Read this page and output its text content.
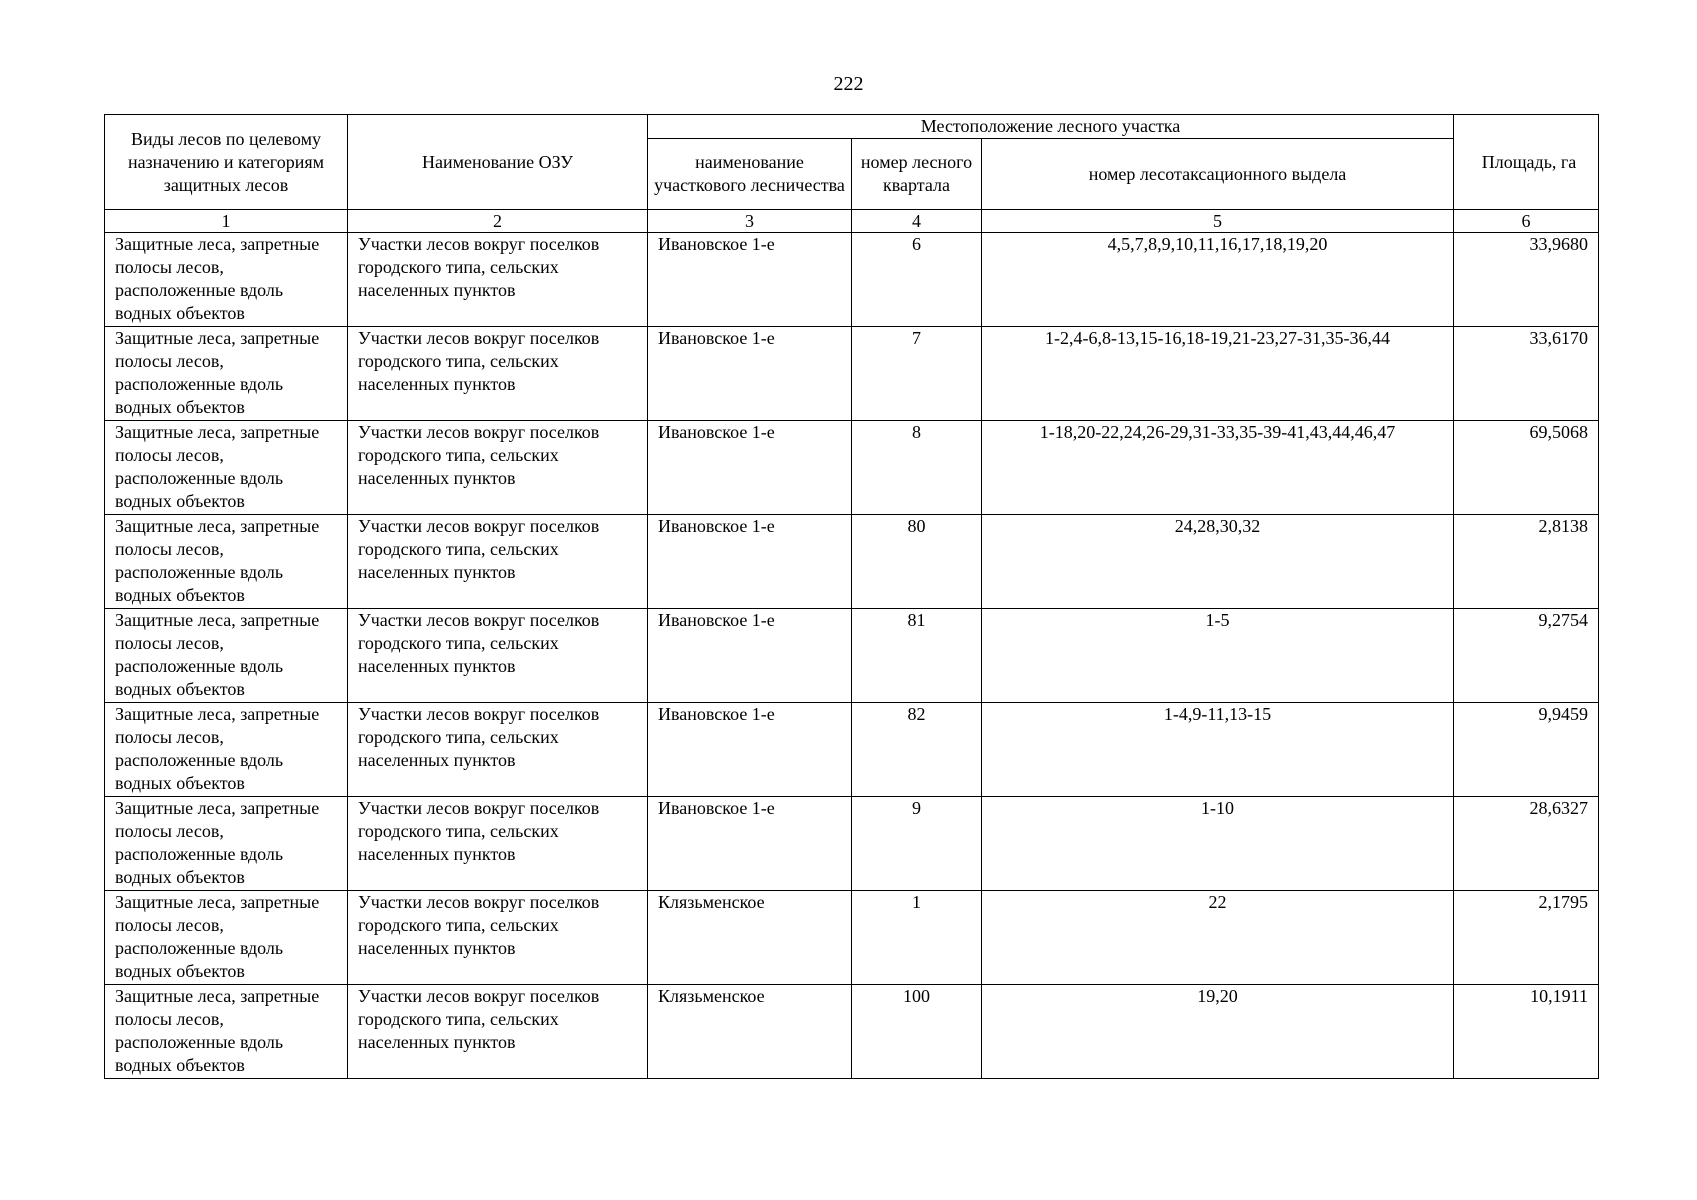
222
Виды лесов по целевому назначению и категориям защитных лесов	Наименование ОЗУ	Местоположение лесного участка			Площадь, га
		наименование участкового лесничества	номер лесного квартала	номер лесотаксационного выдела	
1	2	3	4	5	6
Защитные леса, запретные полосы лесов, расположенные вдоль водных объектов	Участки лесов вокруг поселков городского типа, сельских населенных пунктов	Ивановское 1-е	6	4,5,7,8,9,10,11,16,17,18,19,20	33,9680
Защитные леса, запретные полосы лесов, расположенные вдоль водных объектов	Участки лесов вокруг поселков городского типа, сельских населенных пунктов	Ивановское 1-е	7	1-2,4-6,8-13,15-16,18-19,21-23,27-31,35-36,44	33,6170
Защитные леса, запретные полосы лесов, расположенные вдоль водных объектов	Участки лесов вокруг поселков городского типа, сельских населенных пунктов	Ивановское 1-е	8	1-18,20-22,24,26-29,31-33,35-39-41,43,44,46,47	69,5068
Защитные леса, запретные полосы лесов, расположенные вдоль водных объектов	Участки лесов вокруг поселков городского типа, сельских населенных пунктов	Ивановское 1-е	80	24,28,30,32	2,8138
Защитные леса, запретные полосы лесов, расположенные вдоль водных объектов	Участки лесов вокруг поселков городского типа, сельских населенных пунктов	Ивановское 1-е	81	1-5	9,2754
Защитные леса, запретные полосы лесов, расположенные вдоль водных объектов	Участки лесов вокруг поселков городского типа, сельских населенных пунктов	Ивановское 1-е	82	1-4,9-11,13-15	9,9459
Защитные леса, запретные полосы лесов, расположенные вдоль водных объектов	Участки лесов вокруг поселков городского типа, сельских населенных пунктов	Ивановское 1-е	9	1-10	28,6327
Защитные леса, запретные полосы лесов, расположенные вдоль водных объектов	Участки лесов вокруг поселков городского типа, сельских населенных пунктов	Клязьменское	1	22	2,1795
Защитные леса, запретные полосы лесов, расположенные вдоль водных объектов	Участки лесов вокруг поселков городского типа, сельских населенных пунктов	Клязьменское	100	19,20	10,1911
